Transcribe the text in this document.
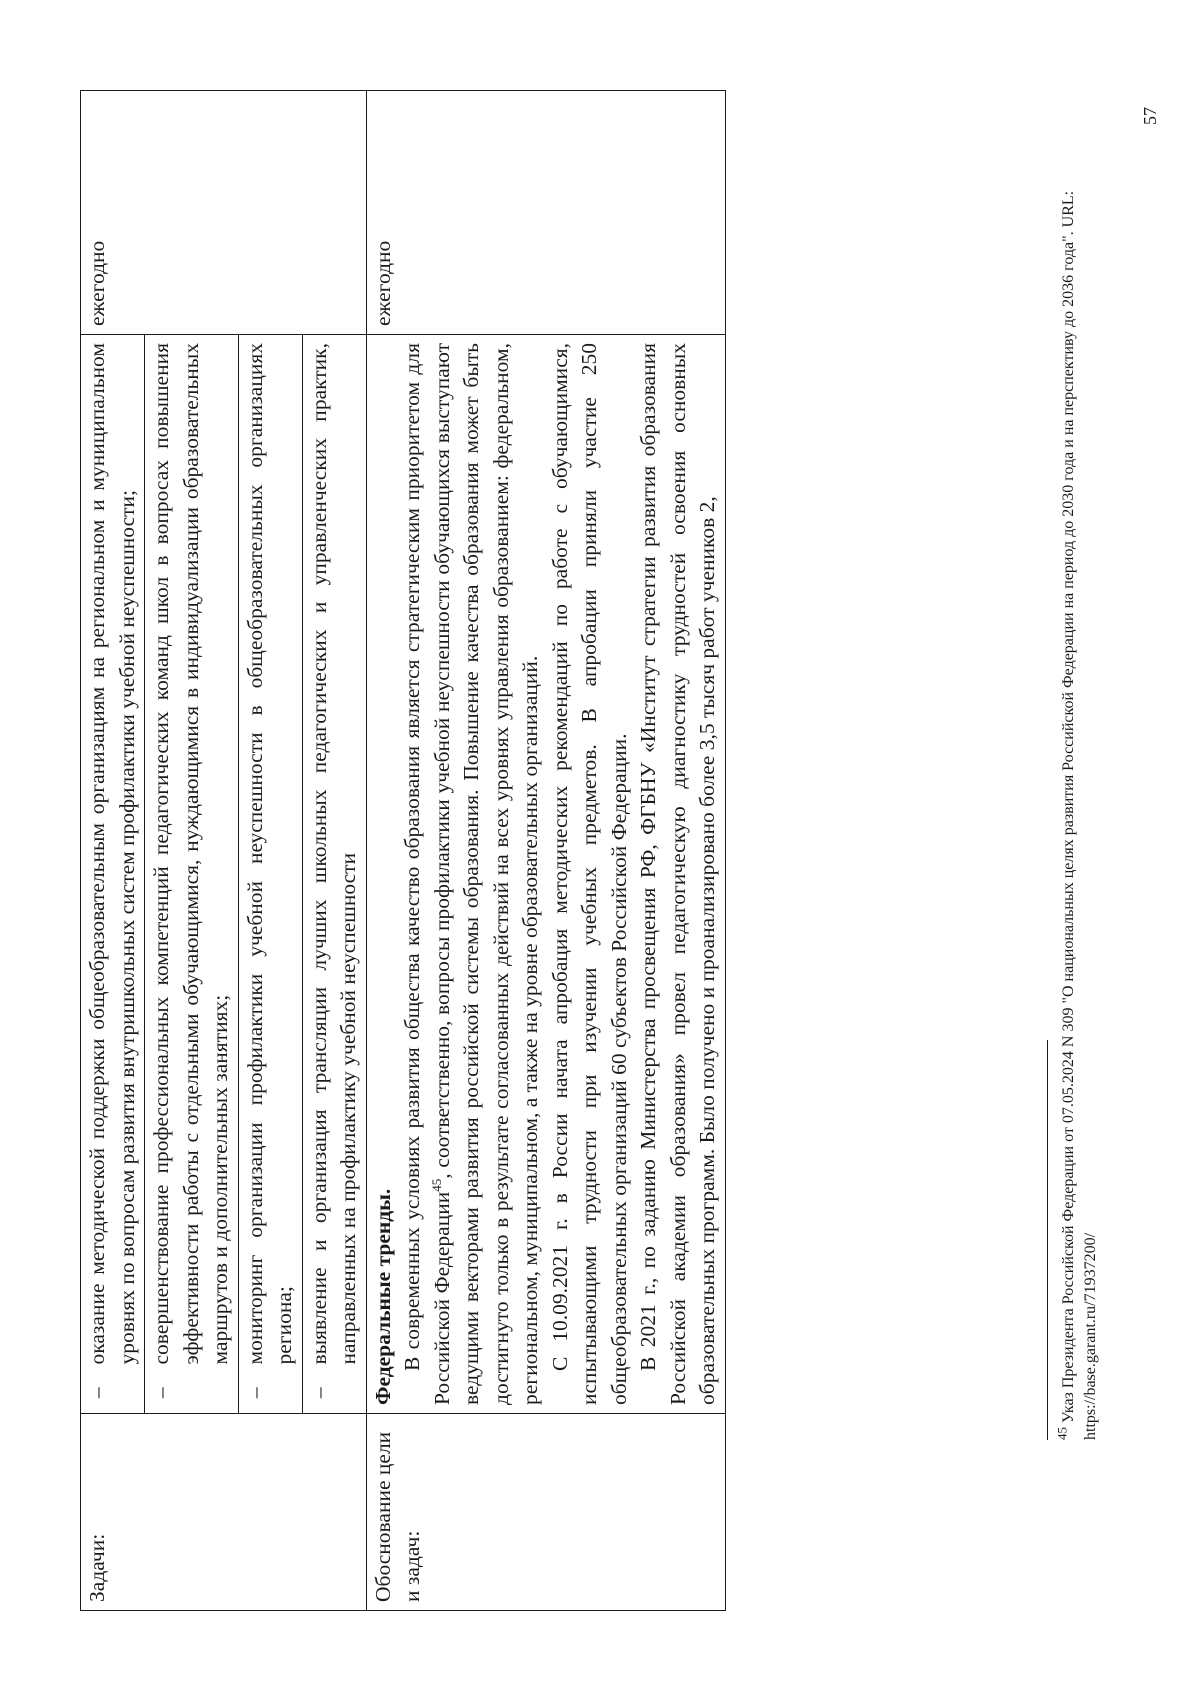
Задачи:	–	оказание методической поддержки общеобразовательным организациям на региональном и муниципальном уровнях по вопросам развития внутришкольных систем профилактики учебной неуспешности;	ежегодно
	–	совершенствование профессиональных компетенций педагогических команд школ в вопросах повышения эффективности работы с отдельными обучающимися, нуждающимися в индивидуализации образовательных маршрутов и дополнительных занятиях;	
	–	мониторинг организации профилактики учебной неуспешности в общеобразовательных организациях региона;	
	–	выявление и организация трансляции лучших школьных педагогических и управленческих практик, направленных на профилактику учебной неуспешности	
Обоснование цели и задач:	Федеральные тренды. В современных условиях развития общества качество образования является стратегическим приоритетом для Российской Федерации$^{45}$, соответственно, вопросы профилактики учебной неуспешности обучающихся выступают ведущими векторами развития российской системы образования. Повышение качества образования может быть достигнуто только в результате согласованных действий на всех уровнях управления образованием: федеральном, региональном, муниципальном, а также на уровне образовательных организаций. С 10.09.2021 г. в России начата апробация методических рекомендаций по работе с обучающимися, испытывающими трудности при изучении учебных предметов. В апробации приняли участие 250 общеобразовательных организаций 60 субъектов Российской Федерации. В 2021 г., по заданию Министерства просвещения РФ, ФГБНУ «Институт стратегии развития образования Российской академии образования» провел педагогическую диагностику трудностей освоения основных образовательных программ. Было получено и проанализировано более 3,5 тысяч работ учеников 2,		ежегодно
$^{45}$ Указ Президента Российской Федерации от 07.05.2024 N 309 "О национальных целях развития Российской Федерации на период до 2030 года и на перспективу до 2036 года". URL: https://base.garant.ru/71937200/
57
